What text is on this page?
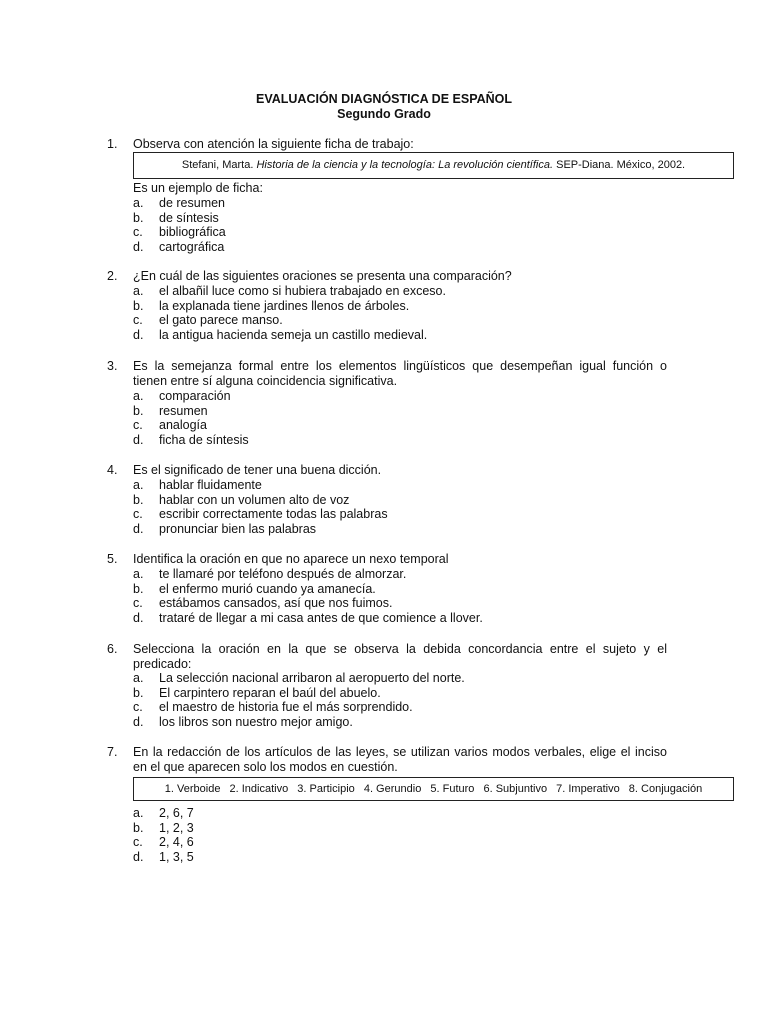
EVALUACIÓN DIAGNÓSTICA DE ESPAÑOL
Segundo Grado
1. Observa con atención la siguiente ficha de trabajo:
Stefani, Marta. Historia de la ciencia y la tecnología: La revolución científica. SEP-Diana. México, 2002.
Es un ejemplo de ficha:
a. de resumen
b. de síntesis
c. bibliográfica
d. cartográfica
2. ¿En cuál de las siguientes oraciones se presenta una comparación?
a. el albañil luce como si hubiera trabajado en exceso.
b. la explanada tiene jardines llenos de árboles.
c. el gato parece manso.
d. la antigua hacienda semeja un castillo medieval.
3. Es la semejanza formal entre los elementos lingüísticos que desempeñan igual función o
tienen entre sí alguna coincidencia significativa.
a. comparación
b. resumen
c. analogía
d. ficha de síntesis
4. Es el significado de tener una buena dicción.
a. hablar fluidamente
b. hablar con un volumen alto de voz
c. escribir correctamente todas las palabras
d. pronunciar bien las palabras
5. Identifica la oración en que no aparece un nexo temporal
a. te llamaré por teléfono después de almorzar.
b. el enfermo murió cuando ya amanecía.
c. estábamos cansados, así que nos fuimos.
d. trataré de llegar a mi casa antes de que comience a llover.
6. Selecciona la oración en la que se observa la debida concordancia entre el sujeto y el
predicado:
a. La selección nacional arribaron al aeropuerto del norte.
b. El carpintero reparan el baúl del abuelo.
c. el maestro de historia fue el más sorprendido.
d. los libros son nuestro mejor amigo.
7. En la redacción de los artículos de las leyes, se utilizan varios modos verbales, elige el inciso
en el que aparecen solo los modos en cuestión.
1. Verboide 2. Indicativo 3. Participio 4. Gerundio 5. Futuro 6. Subjuntivo 7. Imperativo 8. Conjugación
a. 2, 6, 7
b. 1, 2, 3
c. 2, 4, 6
d. 1, 3, 5
